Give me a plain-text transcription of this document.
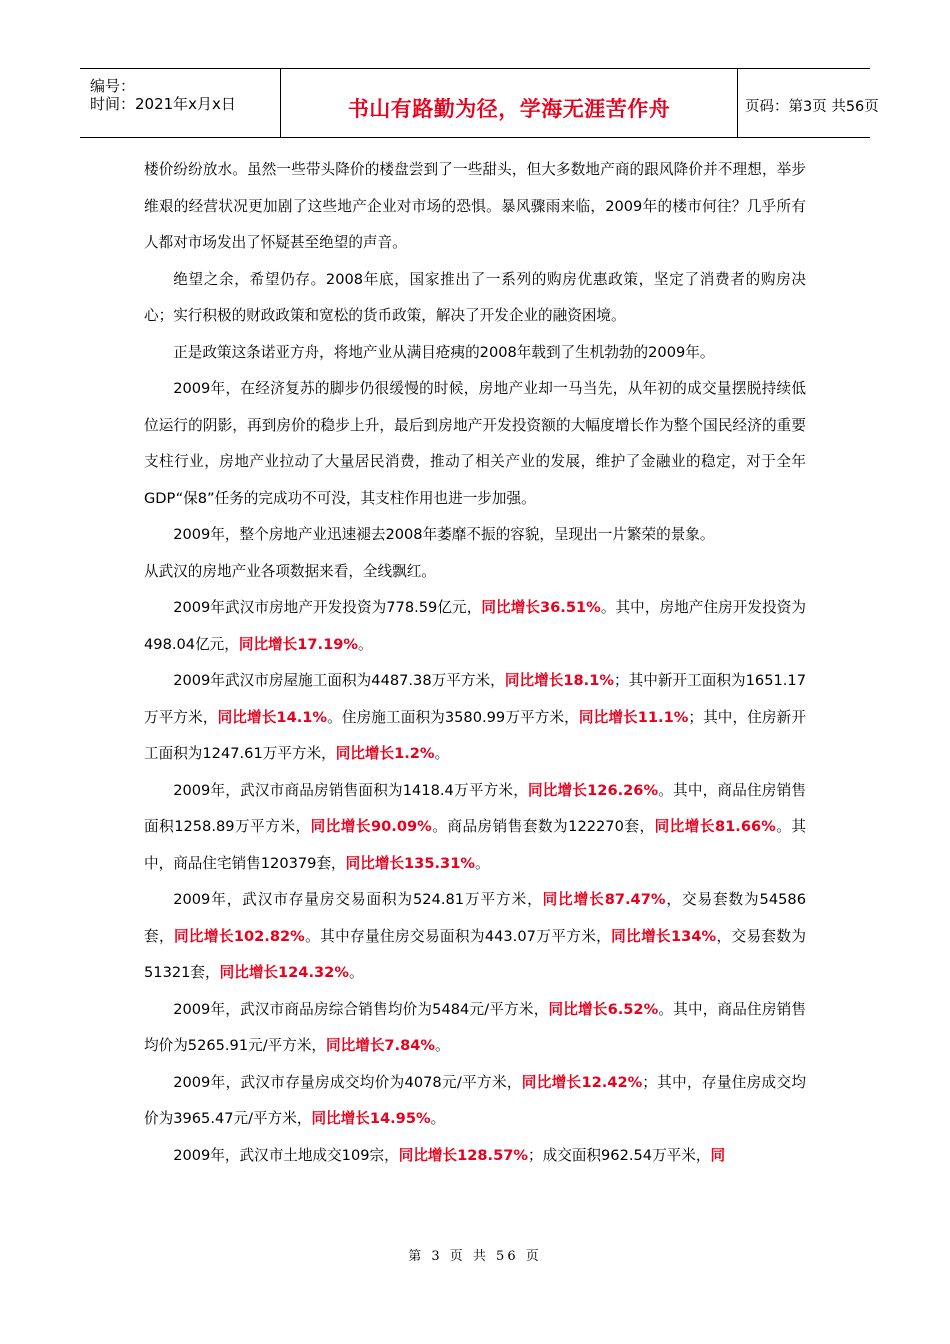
编号：
时间：2021年x月x日	书山有路勤为径，学海无涯苦作舟	页码：第3页 共56页

楼价纷纷放水。虽然一些带头降价的楼盘尝到了一些甜头，但大多数地产商的跟风降价并不理想，举步维艰的经营状况更加剧了这些地产企业对市场的恐惧。暴风骤雨来临，2009年的楼市何往？几乎所有人都对市场发出了怀疑甚至绝望的声音。

绝望之余，希望仍存。2008年底，国家推出了一系列的购房优惠政策，坚定了消费者的购房决心；实行积极的财政政策和宽松的货币政策，解决了开发企业的融资困境。

正是政策这条诺亚方舟，将地产业从满目疮痍的2008年载到了生机勃勃的2009年。

2009年，在经济复苏的脚步仍很缓慢的时候，房地产业却一马当先，从年初的成交量摆脱持续低位运行的阴影，再到房价的稳步上升，最后到房地产开发投资额的大幅度增长作为整个国民经济的重要支柱行业，房地产业拉动了大量居民消费，推动了相关产业的发展，维护了金融业的稳定，对于全年GDP“保8”任务的完成功不可没，其支柱作用也进一步加强。

2009年，整个房地产业迅速褪去2008年萎靡不振的容貌，呈现出一片繁荣的景象。

从武汉的房地产业各项数据来看，全线飘红。

2009年武汉市房地产开发投资为778.59亿元，同比增长36.51%。其中，房地产住房开发投资为498.04亿元，同比增长17.19%。

2009年武汉市房屋施工面积为4487.38万平方米，同比增长18.1%；其中新开工面积为1651.17万平方米，同比增长14.1%。住房施工面积为3580.99万平方米，同比增长11.1%；其中，住房新开工面积为1247.61万平方米，同比增长1.2%。

2009年，武汉市商品房销售面积为1418.4万平方米，同比增长126.26%。其中，商品住房销售面积1258.89万平方米，同比增长90.09%。商品房销售套数为122270套，同比增长81.66%。其中，商品住宅销售120379套，同比增长135.31%。

2009年，武汉市存量房交易面积为524.81万平方米，同比增长87.47%，交易套数为54586套，同比增长102.82%。其中存量住房交易面积为443.07万平方米，同比增长134%，交易套数为51321套，同比增长124.32%。

2009年，武汉市商品房综合销售均价为5484元/平方米，同比增长6.52%。其中，商品住房销售均价为5265.91元/平方米，同比增长7.84%。

2009年，武汉市存量房成交均价为4078元/平方米，同比增长12.42%；其中，存量住房成交均价为3965.47元/平方米，同比增长14.95%。

2009年，武汉市土地成交109宗，同比增长128.57%；成交面积962.54万平米，同

第 3 页 共 56 页
